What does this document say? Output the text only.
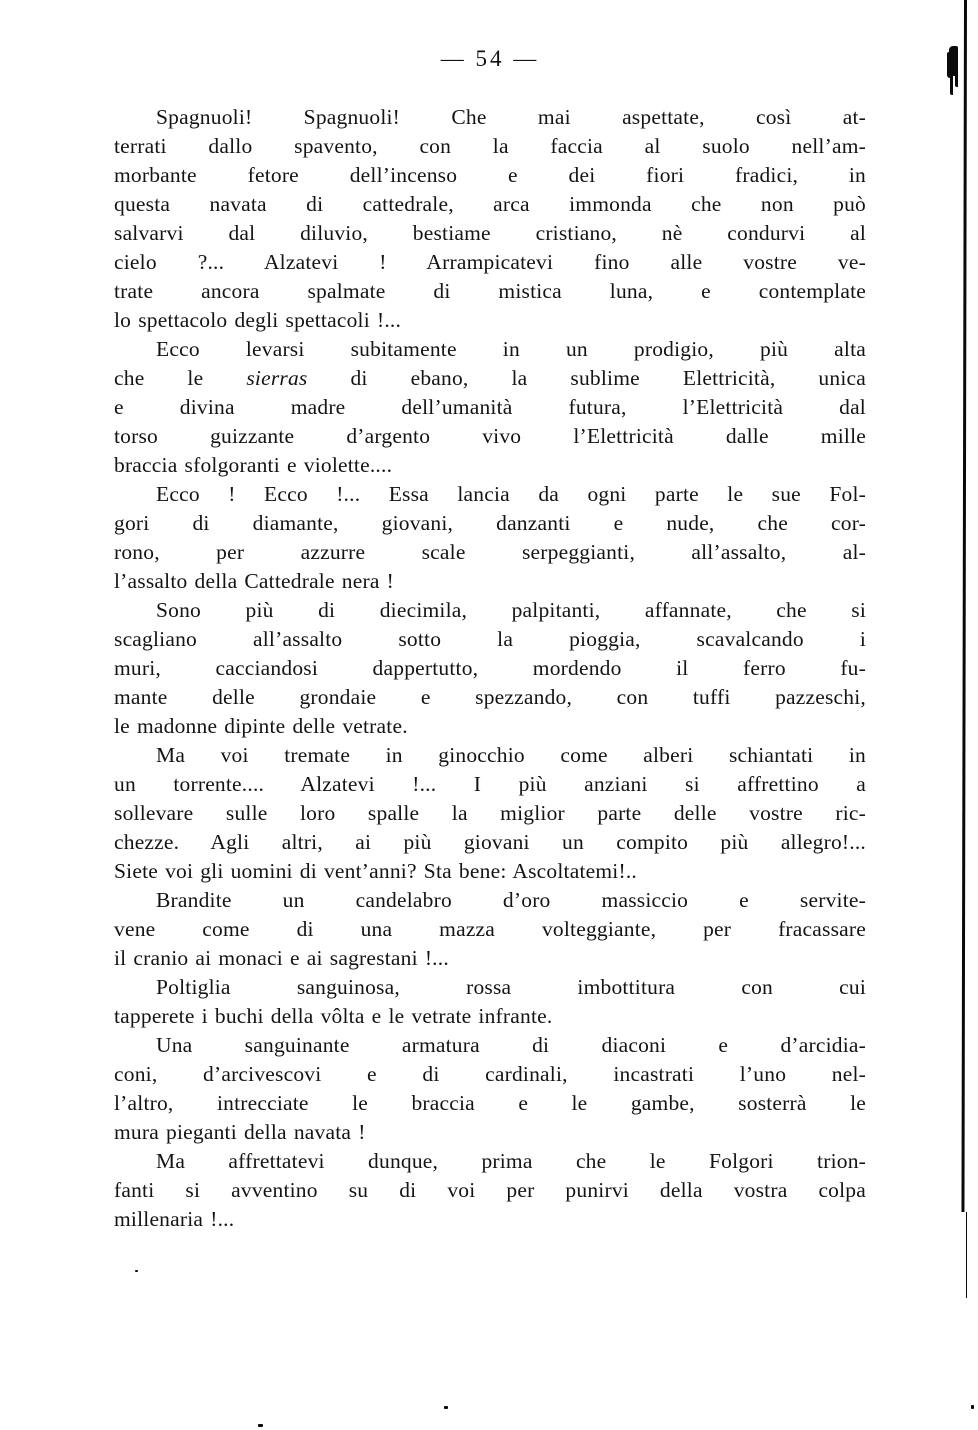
— 54 —
Spagnuoli! Spagnuoli! Che mai aspettate, così at-
terrati dallo spavento, con la faccia al suolo nell’am-
morbante fetore dell’incenso e dei fiori fradici, in
questa navata di cattedrale, arca immonda che non può
salvarvi dal diluvio, bestiame cristiano, nè condurvi al
cielo ?... Alzatevi ! Arrampicatevi fino alle vostre ve-
trate ancora spalmate di mistica luna, e contemplate
lo spettacolo degli spettacoli !...
Ecco levarsi subitamente in un prodigio, più alta
che le sierras di ebano, la sublime Elettricità, unica
e divina madre dell’umanità futura, l’Elettricità dal
torso guizzante d’argento vivo l’Elettricità dalle mille
braccia sfolgoranti e violette....
Ecco ! Ecco !... Essa lancia da ogni parte le sue Fol-
gori di diamante, giovani, danzanti e nude, che cor-
rono, per azzurre scale serpeggianti, all’assalto, al-
l’assalto della Cattedrale nera !
Sono più di diecimila, palpitanti, affannate, che si
scagliano all’assalto sotto la pioggia, scavalcando i
muri, cacciandosi dappertutto, mordendo il ferro fu-
mante delle grondaie e spezzando, con tuffi pazzeschi,
le madonne dipinte delle vetrate.
Ma voi tremate in ginocchio come alberi schiantati in
un torrente.... Alzatevi !... I più anziani si affrettino a
sollevare sulle loro spalle la miglior parte delle vostre ric-
chezze. Agli altri, ai più giovani un compito più allegro!...
Siete voi gli uomini di vent’anni? Sta bene: Ascoltatemi!..
Brandite un candelabro d’oro massiccio e servite-
vene come di una mazza volteggiante, per fracassare
il cranio ai monaci e ai sagrestani !...
Poltiglia sanguinosa, rossa imbottitura con cui
tapperete i buchi della vôlta e le vetrate infrante.
Una sanguinante armatura di diaconi e d’arcidia-
coni, d’arcivescovi e di cardinali, incastrati l’uno nel-
l’altro, intrecciate le braccia e le gambe, sosterrà le
mura pieganti della navata !
Ma affrettatevi dunque, prima che le Folgori trion-
fanti si avventino su di voi per punirvi della vostra colpa
millenaria !...
